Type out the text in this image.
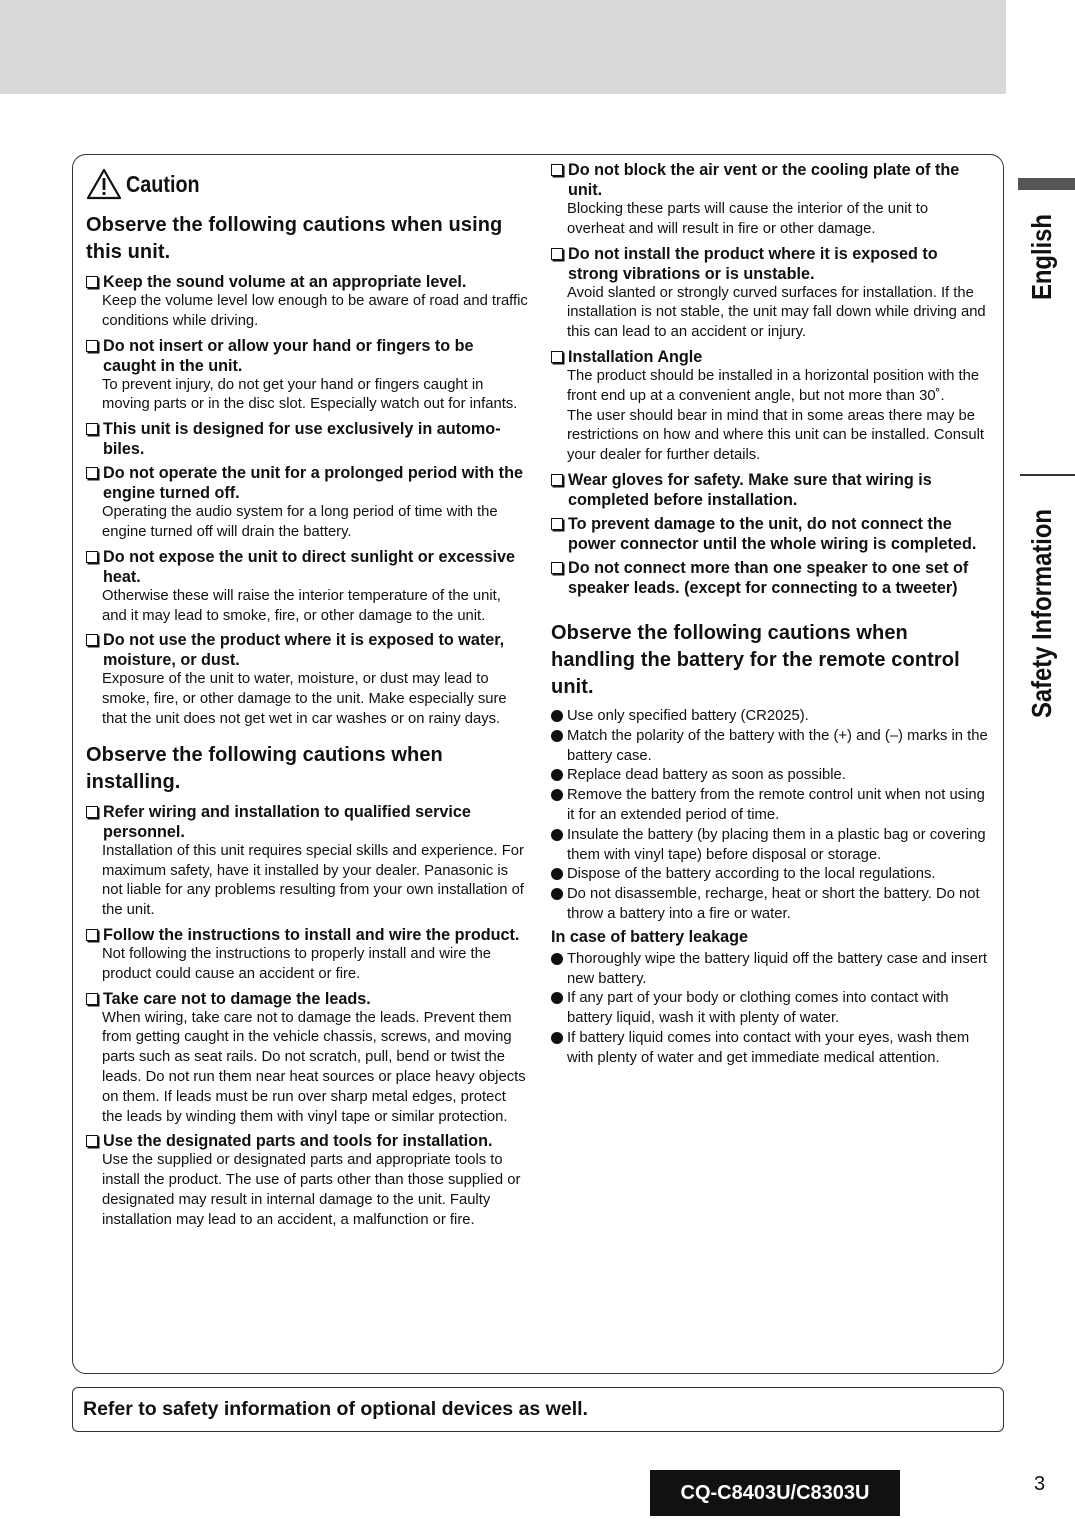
Caution
Observe the following cautions when using this unit.
Keep the sound volume at an appropriate level.
Keep the volume level low enough to be aware of road and traffic conditions while driving.
Do not insert or allow your hand or fingers to be caught in the unit.
To prevent injury, do not get your hand or fingers caught in moving parts or in the disc slot. Especially watch out for infants.
This unit is designed for use exclusively in automobiles.
Do not operate the unit for a prolonged period with the engine turned off.
Operating the audio system for a long period of time with the engine turned off will drain the battery.
Do not expose the unit to direct sunlight or excessive heat.
Otherwise these will raise the interior temperature of the unit, and it may lead to smoke, fire, or other damage to the unit.
Do not use the product where it is exposed to water, moisture, or dust.
Exposure of the unit to water, moisture, or dust may lead to smoke, fire, or other damage to the unit. Make especially sure that the unit does not get wet in car washes or on rainy days.
Observe the following cautions when installing.
Refer wiring and installation to qualified service personnel.
Installation of this unit requires special skills and experience. For maximum safety, have it installed by your dealer. Panasonic is not liable for any problems resulting from your own installation of the unit.
Follow the instructions to install and wire the product.
Not following the instructions to properly install and wire the product could cause an accident or fire.
Take care not to damage the leads.
When wiring, take care not to damage the leads. Prevent them from getting caught in the vehicle chassis, screws, and moving parts such as seat rails. Do not scratch, pull, bend or twist the leads. Do not run them near heat sources or place heavy objects on them. If leads must be run over sharp metal edges, protect the leads by winding them with vinyl tape or similar protection.
Use the designated parts and tools for installation.
Use the supplied or designated parts and appropriate tools to install the product. The use of parts other than those supplied or designated may result in internal damage to the unit. Faulty installation may lead to an accident, a malfunction or fire.
Do not block the air vent or the cooling plate of the unit.
Blocking these parts will cause the interior of the unit to overheat and will result in fire or other damage.
Do not install the product where it is exposed to strong vibrations or is unstable.
Avoid slanted or strongly curved surfaces for installation. If the installation is not stable, the unit may fall down while driving and this can lead to an accident or injury.
Installation Angle
The product should be installed in a horizontal position with the front end up at a convenient angle, but not more than 30˚.
The user should bear in mind that in some areas there may be restrictions on how and where this unit can be installed. Consult your dealer for further details.
Wear gloves for safety. Make sure that wiring is completed before installation.
To prevent damage to the unit, do not connect the power connector until the whole wiring is completed.
Do not connect more than one speaker to one set of speaker leads. (except for connecting to a tweeter)
Observe the following cautions when handling the battery for the remote control unit.
Use only specified battery (CR2025).
Match the polarity of the battery with the (+) and (–) marks in the battery case.
Replace dead battery as soon as possible.
Remove the battery from the remote control unit when not using it for an extended period of time.
Insulate the battery (by placing them in a plastic bag or covering them with vinyl tape) before disposal or storage.
Dispose of the battery according to the local regulations.
Do not disassemble, recharge, heat or short the battery. Do not throw a battery into a fire or water.
In case of battery leakage
Thoroughly wipe the battery liquid off the battery case and insert new battery.
If any part of your body or clothing comes into contact with battery liquid, wash it with plenty of water.
If battery liquid comes into contact with your eyes, wash them with plenty of water and get immediate medical attention.
English
Safety Information
Refer to safety information of optional devices as well.
CQ-C8403U/C8303U	3
